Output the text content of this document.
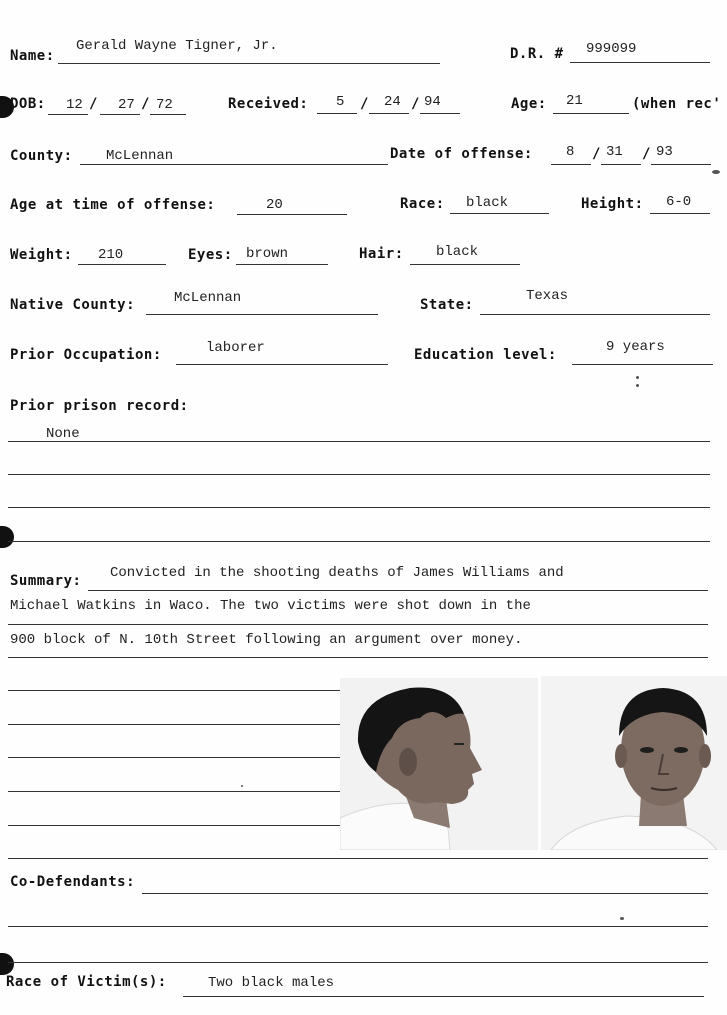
Name:
Gerald Wayne Tigner, Jr.	D.R. # 999099
DOB: 12 / 27 / 72	Received: 5 / 24 / 94	Age: 21	(when rec'
County: McLennan	Date of offense: 8 / 31 / 93
Age at time of offense:	20	Race: black	Height: 6-0
Weight: 210	Eyes: brown	Hair: black
Native County:	McLennan	State:
Texas
Prior Occupation:	laborer	Education level:	9 years
Prior prison record:
None
Summary: Convicted in the shooting deaths of James Williams and
Michael Watkins in Waco. The two victims were shot down in the
900 block of N. 10th Street following an argument over money.
Co-Defendants:
Race of Victim(s):	Two black males
